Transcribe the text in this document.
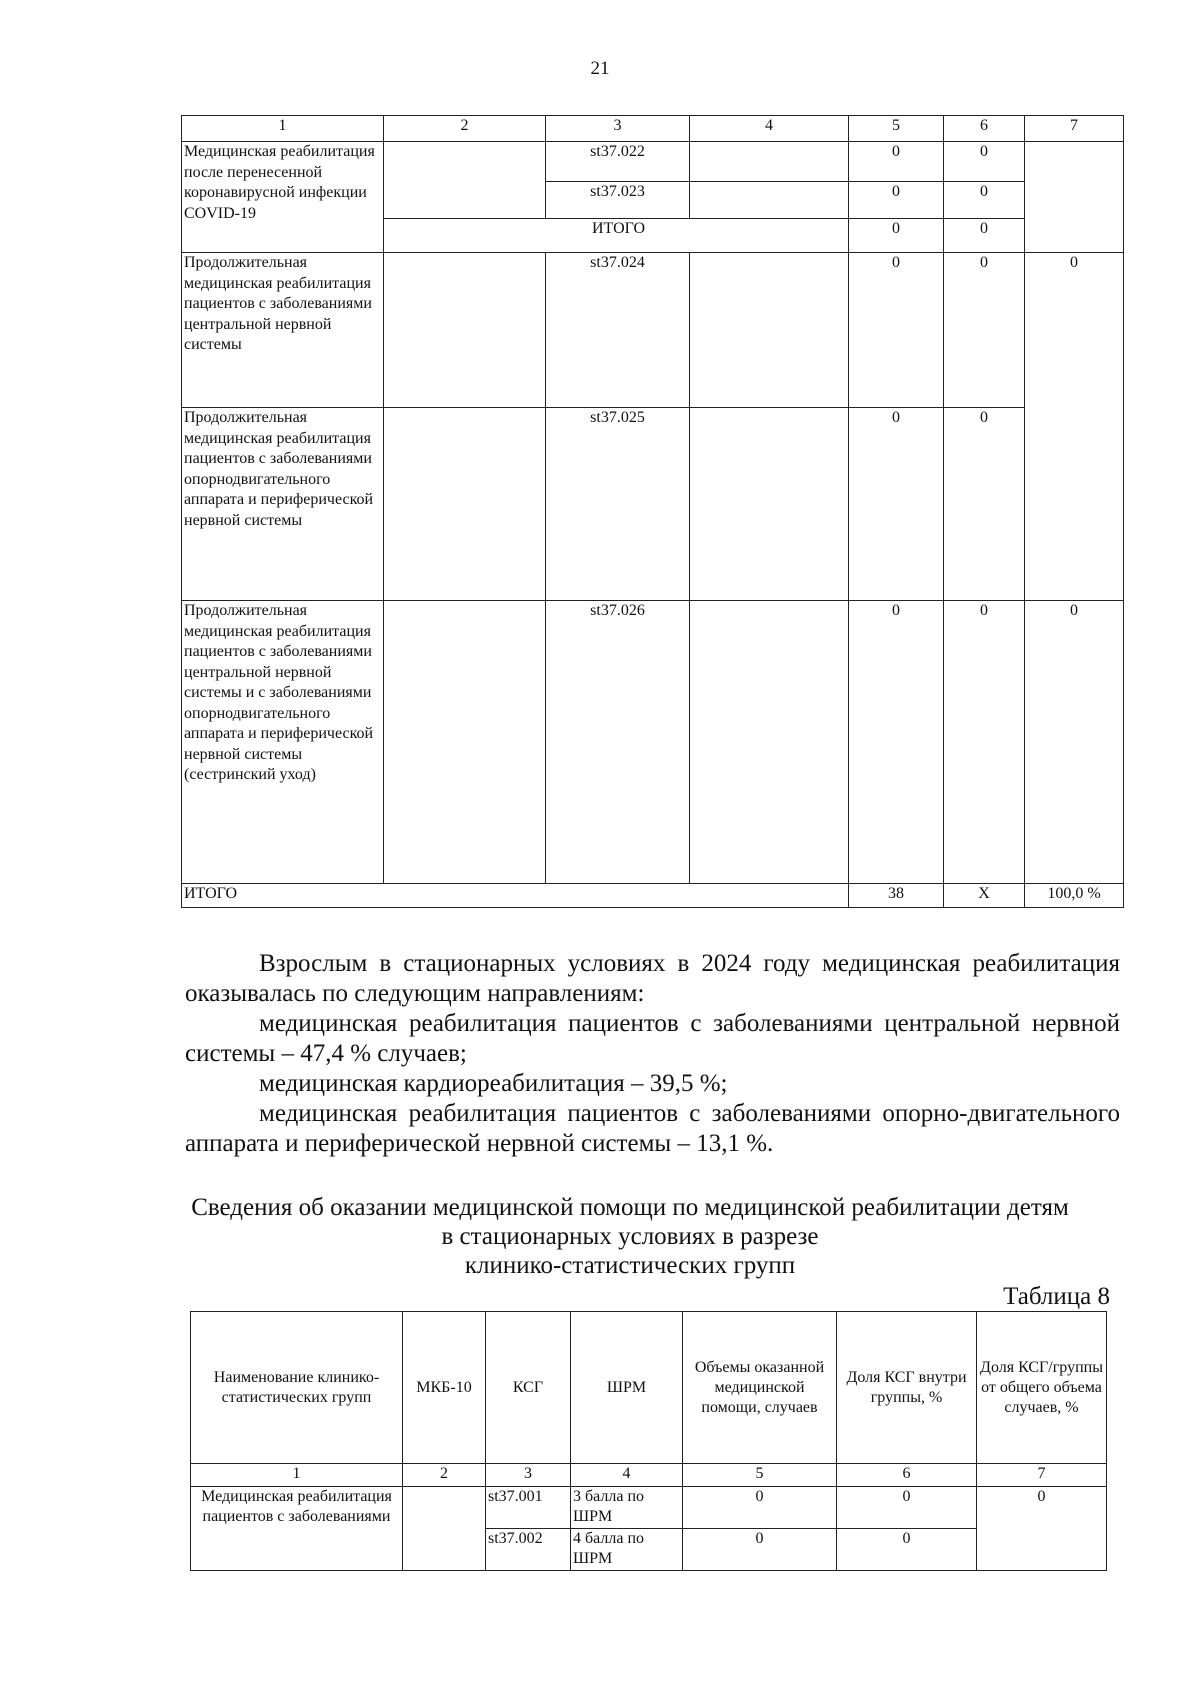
21
1	2	3	4	5	6	7
Медицинская реабилитация после перенесенной коронавирусной инфекции COVID-19		st37.022		0	0	
		st37.023		0	0	
	ИТОГО			0	0	
Продолжительная медицинская реабилитация пациентов с заболеваниями центральной нервной системы		st37.024		0	0	0
Продолжительная медицинская реабилитация пациентов с заболеваниями опорнодвигательного аппарата и периферической нервной системы		st37.025		0	0	
Продолжительная медицинская реабилитация пациентов с заболеваниями центральной нервной системы и с заболеваниями опорнодвигательного аппарата и периферической нервной системы (сестринский уход)		st37.026		0	0	0
ИТОГО				38	Х	100,0 %

Взрослым в стационарных условиях в 2024 году медицинская реабилитация оказывалась по следующим направлениям:

медицинская реабилитация пациентов с заболеваниями центральной нервной системы – 47,4 % случаев;

медицинская кардиореабилитация – 39,5 %;

медицинская реабилитация пациентов с заболеваниями опорно-двигательного аппарата и периферической нервной системы – 13,1 %.

Сведения об оказании медицинской помощи по медицинской реабилитации детям
в стационарных условиях в разрезе
клинико-статистических групп
Таблица 8
Наименование клинико-статистических групп	МКБ-10	КСГ	ШРМ	Объемы оказанной медицинской помощи, случаев	Доля КСГ внутри группы, %	Доля КСГ/группы от общего объема случаев, %
1	2	3	4	5	6	7
Медицинская реабилитация пациентов с заболеваниями		st37.001	3 балла по ШРМ	0	0	0
		st37.002	4 балла по ШРМ	0	0	
